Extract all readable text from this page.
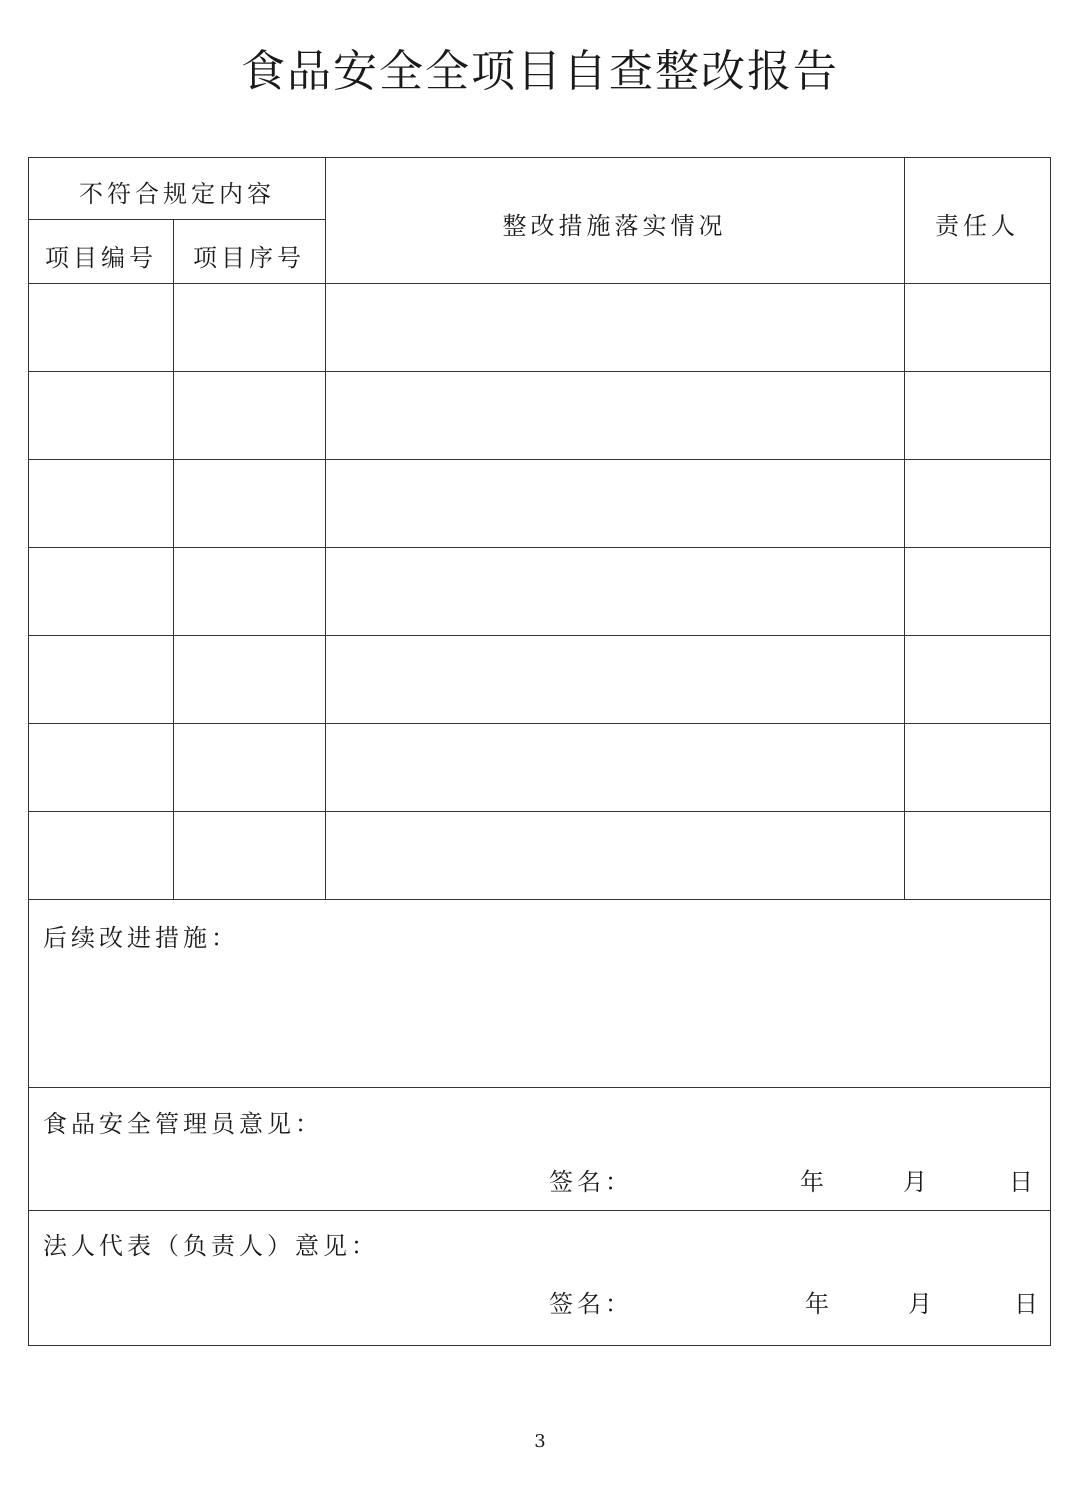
食品安全全项目自查整改报告
不符合规定内容
项目编号	项目序号
整改措施落实情况	责任人
后续改进措施：
食品安全管理员意见：
签名：	年	月	日
法人代表（负责人）意见：
签名：	年	月	日
3
